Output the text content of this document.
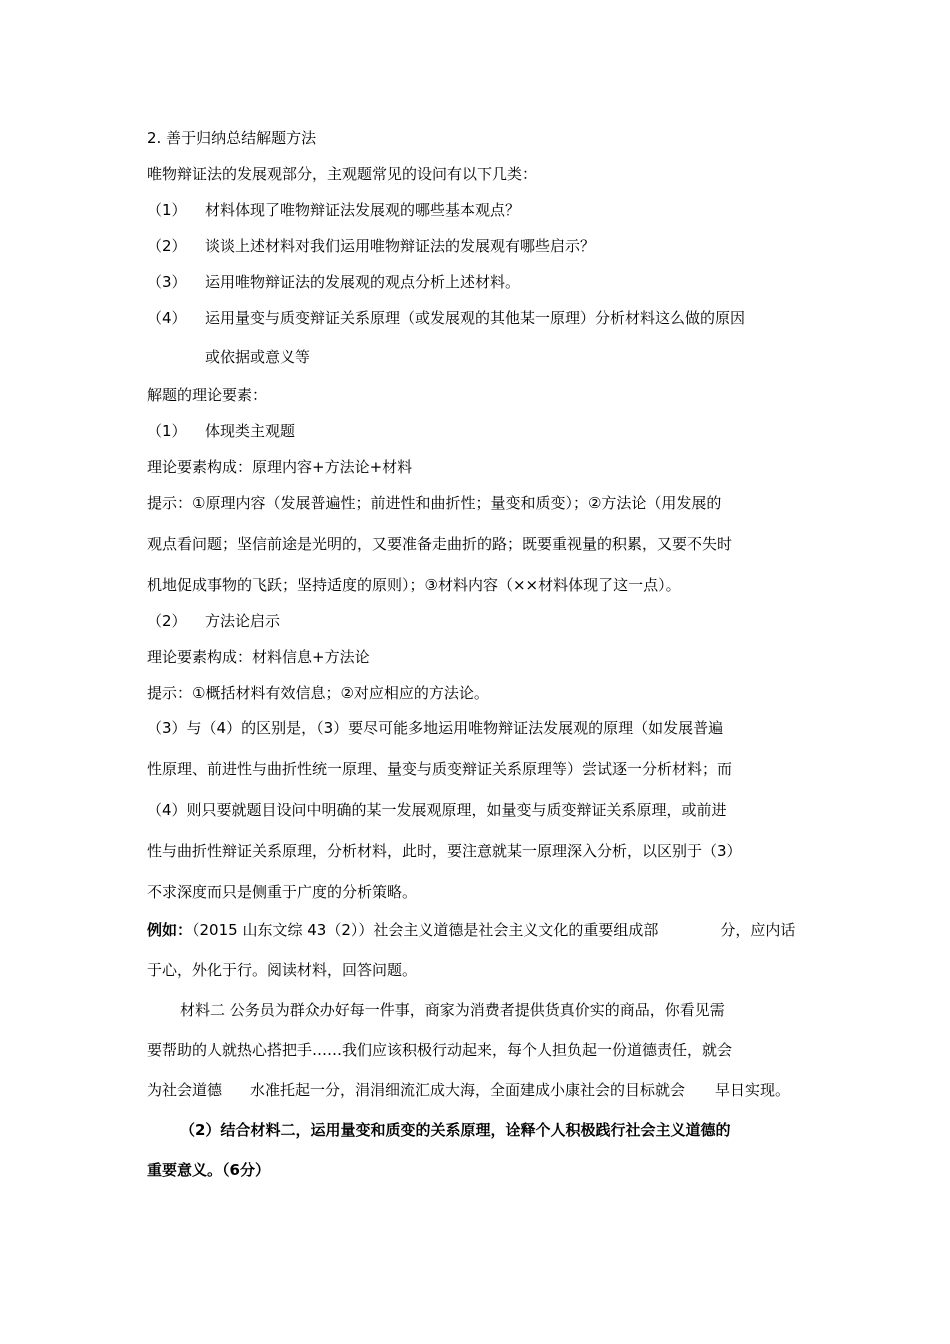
2. 善于归纳总结解题方法
唯物辩证法的发展观部分，主观题常见的设问有以下几类：
（1） 材料体现了唯物辩证法发展观的哪些基本观点？
（2） 谈谈上述材料对我们运用唯物辩证法的发展观有哪些启示？
（3） 运用唯物辩证法的发展观的观点分析上述材料。
（4） 运用量变与质变辩证关系原理（或发展观的其他某一原理）分析材料这么做的原因
或依据或意义等
解题的理论要素：
（1） 体现类主观题
理论要素构成：原理内容+方法论+材料
提示：①原理内容（发展普遍性；前进性和曲折性；量变和质变）；②方法论（用发展的
观点看问题；坚信前途是光明的，又要准备走曲折的路；既要重视量的积累，又要不失时
机地促成事物的飞跃；坚持适度的原则）；③材料内容（××材料体现了这一点）。
（2） 方法论启示
理论要素构成：材料信息+方法论
提示：①概括材料有效信息；②对应相应的方法论。
（3）与（4）的区别是，（3）要尽可能多地运用唯物辩证法发展观的原理（如发展普遍
性原理、前进性与曲折性统一原理、量变与质变辩证关系原理等）尝试逐一分析材料；而
（4）则只要就题目设问中明确的某一发展观原理，如量变与质变辩证关系原理，或前进
性与曲折性辩证关系原理，分析材料，此时，要注意就某一原理深入分析，以区别于（3）
不求深度而只是侧重于广度的分析策略。
例如：（2015 山东文综 43（2））社会主义道德是社会主义文化的重要组成部	分，应内话
于心，外化于行。阅读材料，回答问题。
材料二 公务员为群众办好每一件事，商家为消费者提供货真价实的商品，你看见需
要帮助的人就热心搭把手……我们应该积极行动起来，每个人担负起一份道德责任，就会
为社会道德 水准托起一分，涓涓细流汇成大海，全面建成小康社会的目标就会 早日实现。
（2）结合材料二，运用量变和质变的关系原理，诠释个人积极践行社会主义道德的
重要意义。（6分）
